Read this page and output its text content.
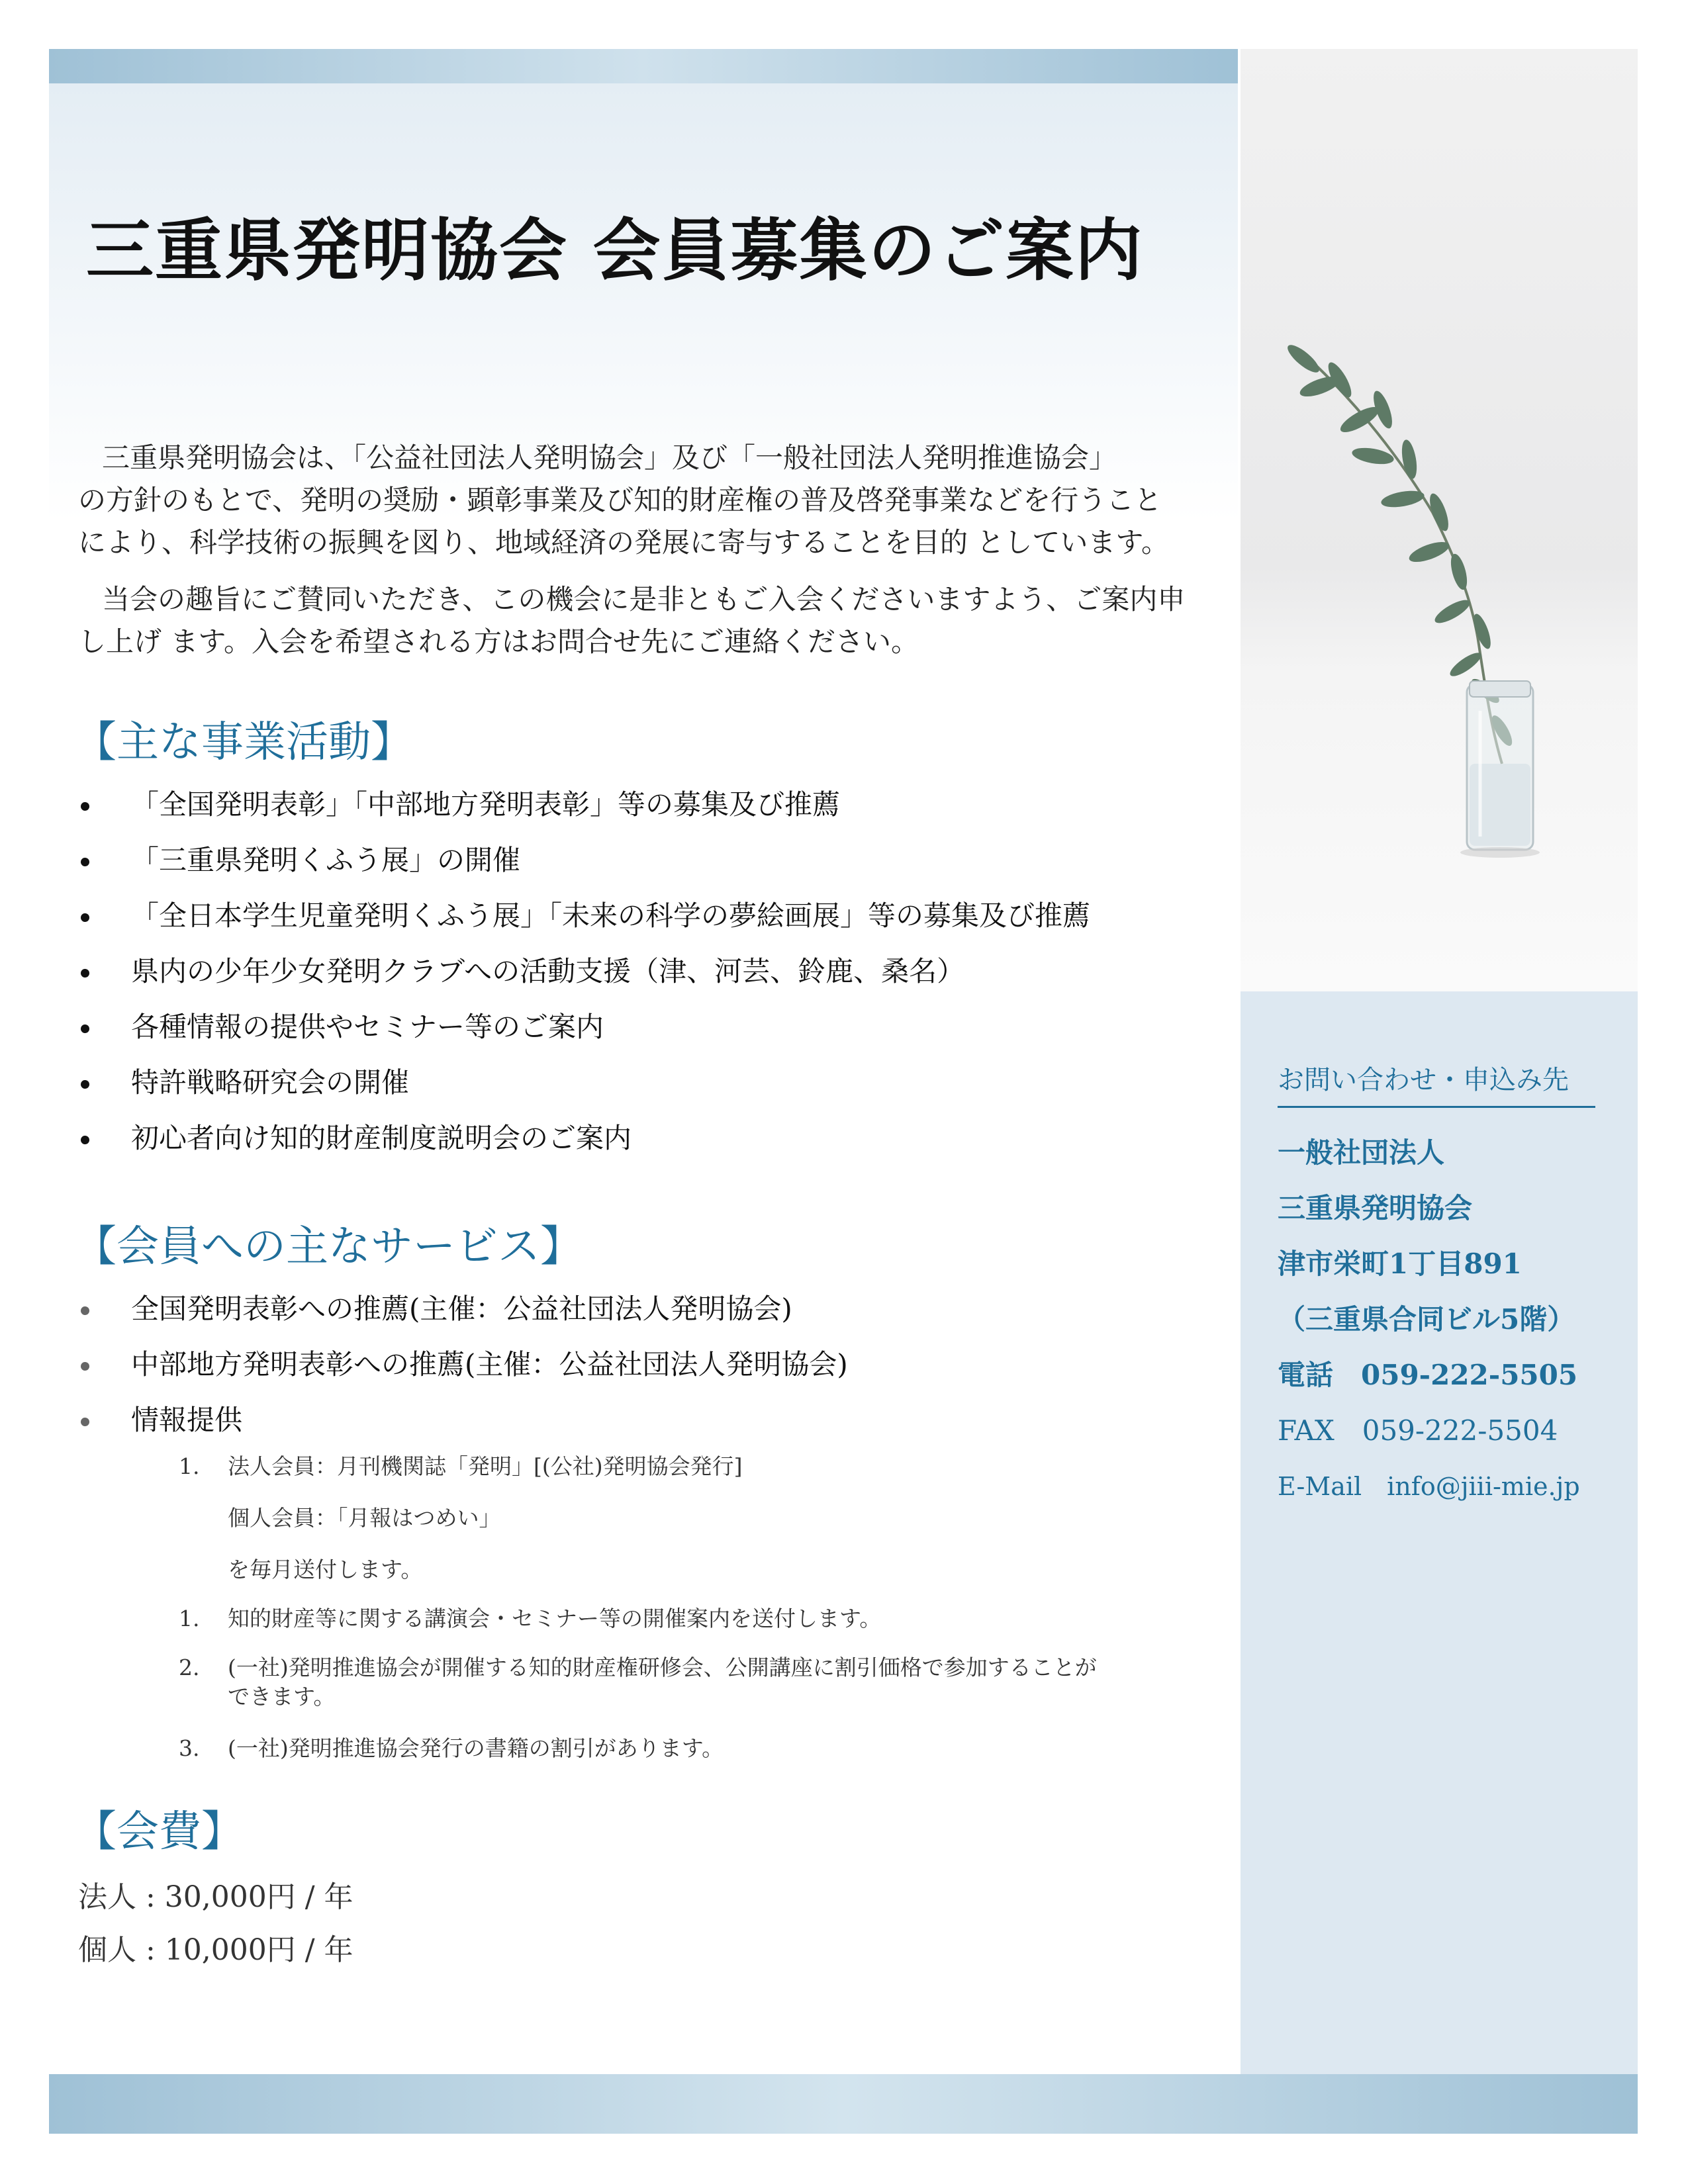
三重県発明協会 会員募集のご案内

三重県発明協会は、「公益社団法人発明協会」及び「一般社団法人発明推進協会」
の方針のもとで、発明の奨励・顕彰事業及び知的財産権の普及啓発事業などを行うこと
により、科学技術の振興を図り、地域経済の発展に寄与することを目的 としています。

当会の趣旨にご賛同いただき、この機会に是非ともご入会くださいますよう、ご案内申
し上げ ます。入会を希望される方はお問合せ先にご連絡ください。

【主な事業活動】
「全国発明表彰」「中部地方発明表彰」等の募集及び推薦
「三重県発明くふう展」の開催
「全日本学生児童発明くふう展」「未来の科学の夢絵画展」等の募集及び推薦
県内の少年少女発明クラブへの活動支援（津、河芸、鈴鹿、桑名）
各種情報の提供やセミナー等のご案内
特許戦略研究会の開催
初心者向け知的財産制度説明会のご案内
【会員への主なサービス】
全国発明表彰への推薦(主催：公益社団法人発明協会)
中部地方発明表彰への推薦(主催：公益社団法人発明協会)
情報提供
1. 法人会員：月刊機関誌「発明」[(公社)発明協会発行]
個人会員：「月報はつめい」
を毎月送付します。
1. 知的財産等に関する講演会・セミナー等の開催案内を送付します。
2. (一社)発明推進協会が開催する知的財産権研修会、公開講座に割引価格で参加することが
できます。
3. (一社)発明推進協会発行の書籍の割引があります。
【会費】
法人 : 30,000円 / 年
個人 : 10,000円 / 年
お問い合わせ・申込み先
一般社団法人
三重県発明協会
津市栄町1丁目891
（三重県合同ビル5階）
電話　059-222-5505
FAX　059-222-5504
E-Mail　info@jiii-mie.jp
